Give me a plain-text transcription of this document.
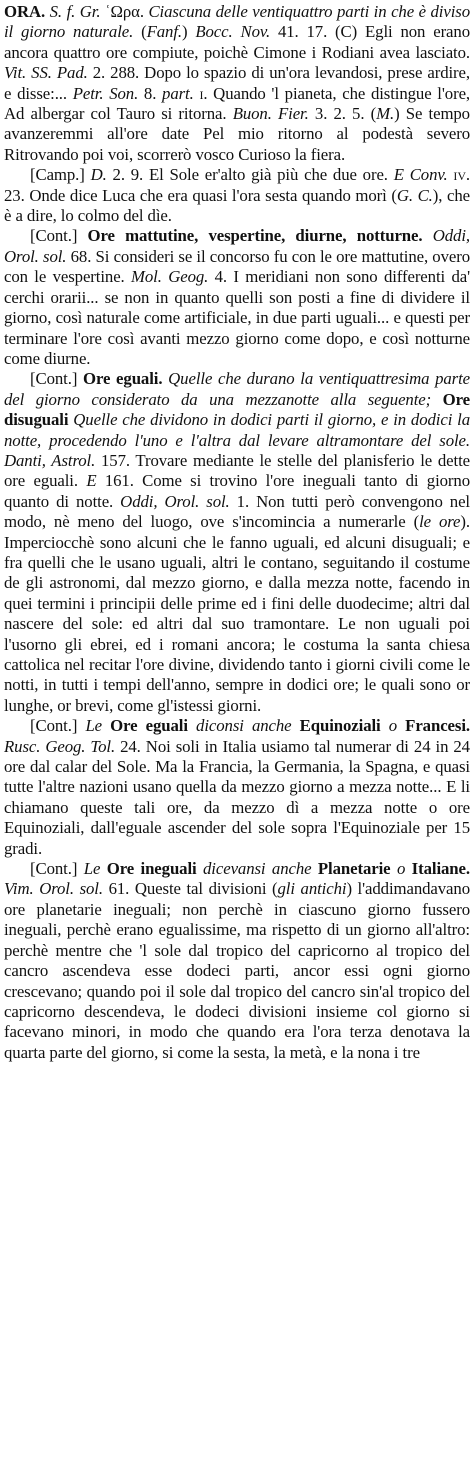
ORA. S. f. Gr. ʿΩρα. Ciascuna delle ventiquattro parti in che è diviso il giorno naturale. (Fanf.) Bocc. Nov. 41. 17. (C) Egli non erano ancora quattro ore compiute, poichè Cimone i Rodiani avea lasciato. Vit. SS. Pad. 2. 288. Dopo lo spazio di un'ora levandosi, prese ardire, e disse:... Petr. Son. 8. part. i. Quando 'l pianeta, che distingue l'ore, Ad albergar col Tauro si ritorna. Buon. Fier. 3. 2. 5. (M.) Se tempo avanzeremmi all'ore date Pel mio ritorno al podestà severo Ritrovando poi voi, scorrerò vosco Curioso la fiera.

[Camp.] D. 2. 9. El Sole er'alto già più che due ore. E Conv. iv. 23. Onde dice Luca che era quasi l'ora sesta quando morì (G. C.), che è a dire, lo colmo del dìe.

[Cont.] Ore mattutine, vespertine, diurne, notturne. Oddi, Orol. sol. 68. Si consideri se il concorso fu con le ore mattutine, overo con le vespertine. Mol. Geog. 4. I meridiani non sono differenti da' cerchi orarii... se non in quanto quelli son posti a fine di dividere il giorno, così naturale come artificiale, in due parti uguali... e questi per terminare l'ore così avanti mezzo giorno come dopo, e così notturne come diurne.

[Cont.] Ore eguali. Quelle che durano la ventiquattresima parte del giorno considerato da una mezzanotte alla seguente; Ore disuguali Quelle che dividono in dodici parti il giorno, e in dodici la notte, procedendo l'uno e l'altra dal levare altramontare del sole. Danti, Astrol. 157. Trovare mediante le stelle del planisferio le dette ore eguali. E 161. Come si trovino l'ore ineguali tanto di giorno quanto di notte. Oddi, Orol. sol. 1. Non tutti però convengono nel modo, nè meno del luogo, ove s'incomincia a numerarle (le ore). Imperciocchè sono alcuni che le fanno uguali, ed alcuni disuguali; e fra quelli che le usano uguali, altri le contano, seguitando il costume de gli astronomi, dal mezzo giorno, e dalla mezza notte, facendo in quei termini i principii delle prime ed i fini delle duodecime; altri dal nascere del sole: ed altri dal suo tramontare. Le non uguali poi l'usorno gli ebrei, ed i romani ancora; le costuma la santa chiesa cattolica nel recitar l'ore divine, dividendo tanto i giorni civili come le notti, in tutti i tempi dell'anno, sempre in dodici ore; le quali sono or lunghe, or brevi, come gl'istessi giorni.

[Cont.] Le Ore eguali diconsi anche Equinoziali o Francesi. Rusc. Geog. Tol. 24. Noi soli in Italia usiamo tal numerar di 24 in 24 ore dal calar del Sole. Ma la Francia, la Germania, la Spagna, e quasi tutte l'altre nazioni usano quella da mezzo giorno a mezza notte... E li chiamano queste tali ore, da mezzo dì a mezza notte o ore Equinoziali, dall'eguale ascender del sole sopra l'Equinoziale per 15 gradi.

[Cont.] Le Ore ineguali dicevansi anche Planetarie o Italiane. Vim. Orol. sol. 61. Queste tal divisioni (gli antichi) l'addimandavano ore planetarie ineguali; non perchè in ciascuno giorno fussero ineguali, perchè erano egualissime, ma rispetto di un giorno all'altro: perchè mentre che 'l sole dal tropico del capricorno al tropico del cancro ascendeva esse dodeci parti, ancor essi ogni giorno crescevano; quando poi il sole dal tropico del cancro sin'al tropico del capricorno descendeva, le dodeci divisioni insieme col giorno si facevano minori, in modo che quando era l'ora terza denotava la quarta parte del giorno, si come la sesta, la metà, e la nona i tre
